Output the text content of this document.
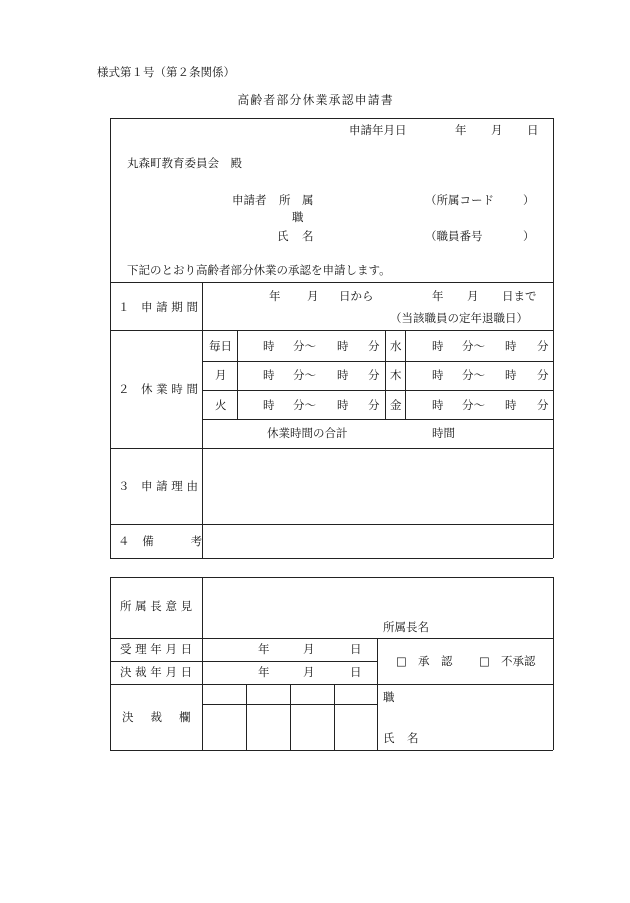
様式第１号（第２条関係）
高 齢 者 部 分 休 業 承 認 申 請 書
申請年月日	年 月 日
丸森町教育委員会　殿
申請者 所　属	（所属コード	）
職
氏　名	（職員番号	）
下記のとおり高齢者部分休業の承認を申請します。
１　申 請 期 間
年 月 日から	年 月 日まで
（当該職員の定年退職日）
２　休 業 時 間
毎日	時 分〜 時 分 水	時 分〜 時 分
月	時 分〜 時 分 木	時 分〜 時 分
火	時 分〜 時 分 金	時 分〜 時 分
休業時間の合計	時間
３　申 請 理 由
４　備　　　考
所 属 長 意 見
所属長名
受 理 年 月 日	年	月	日
決 裁 年 月 日	年	月	日
□ 承　認 □ 不承認
決　裁　欄
職
氏　名
